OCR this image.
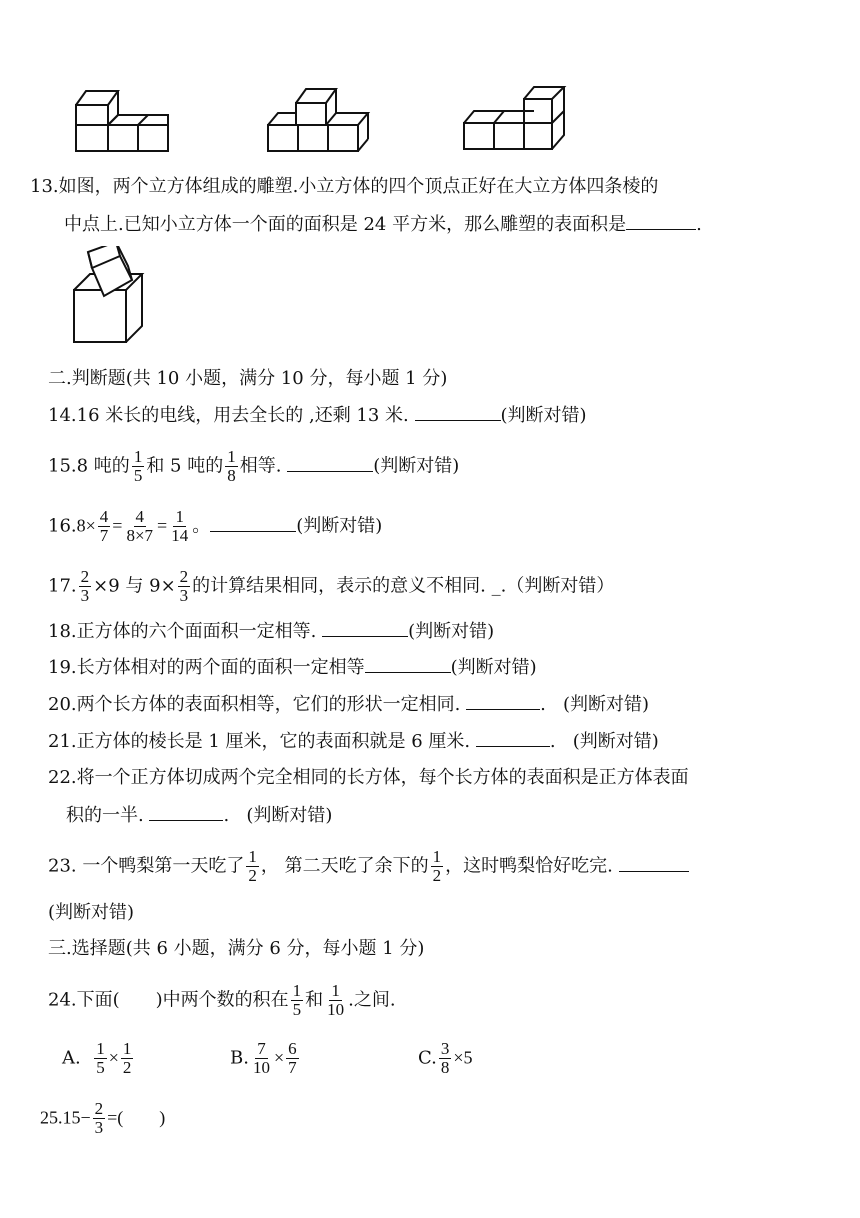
13.如图，两个立方体组成的雕塑.小立方体的四个顶点正好在大立方体四条棱的
中点上.已知小立方体一个面的面积是 24 平方米，那么雕塑的表面积是	.
二.判断题(共 10 小题，满分 10 分，每小题 1 分)
14.16 米长的电线，用去全长的 ,还剩 13 米.	(判断对错)
15.8 吨的 $\frac{1}{5}$ 和 5 吨的 $\frac{1}{8}$ 相等.	(判断对错)
$16.8\times \frac{4}{7} = \frac{4}{8\times 7} = \frac{1}{14}$ 。	(判断对错)
17. $\frac{2}{3} \times 9$ 与 $9\times \frac{2}{3}$ 的计算结果相同，表示的意义不相同. _.（判断对错）
18.正方体的六个面面积一定相等.	(判断对错)
19.长方体相对的两个面的面积一定相等	(判断对错)
20.两个长方体的表面积相等，它们的形状一定相同.	. (判断对错)
21.正方体的棱长是 1 厘米，它的表面积就是 6 厘米.	. (判断对错)
22.将一个正方体切成两个完全相同的长方体，每个长方体的表面积是正方体表面
积的一半.	. (判断对错)
23. 一个鸭梨第一天吃了 $\frac{1}{2}$ ， 第二天吃了余下的 $\frac{1}{2}$ ，这时鸭梨恰好吃完.
(判断对错)
三.选择题(共 6 小题，满分 6 分，每小题 1 分)
24.下面(　　)中两个数的积在 $\frac{1}{5}$ 和 $\frac{1}{10}$ .之间.
A. $\frac{1}{5} \times \frac{1}{2}$	B. $\frac{7}{10} \times \frac{6}{7}$	C. $\frac{3}{8} \times 5$
$25.15- \frac{2}{3}$ =(　　)
